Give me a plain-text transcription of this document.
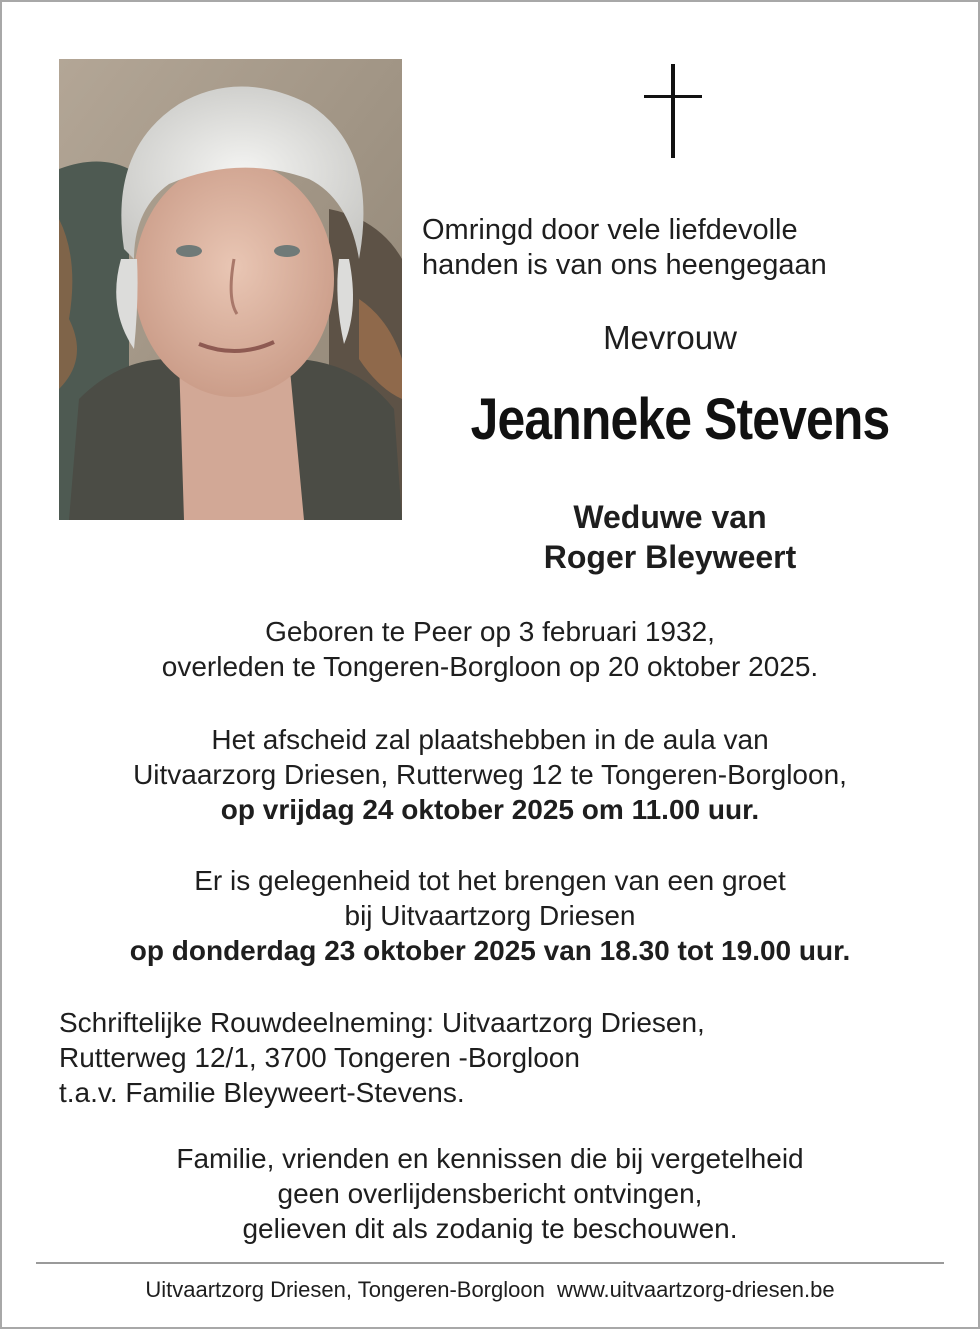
Omringd door vele liefdevolle
handen is van ons heengegaan
Mevrouw
Jeanneke Stevens
Weduwe van
Roger Bleyweert
Geboren te Peer op 3 februari 1932,
overleden te Tongeren-Borgloon op 20 oktober 2025.
Het afscheid zal plaatshebben in de aula van
Uitvaarzorg Driesen, Rutterweg 12 te Tongeren-Borgloon,
op vrijdag 24 oktober 2025 om 11.00 uur.
Er is gelegenheid tot het brengen van een groet
bij Uitvaartzorg Driesen
op donderdag 23 oktober 2025 van 18.30 tot 19.00 uur.
Schriftelijke Rouwdeelneming: Uitvaartzorg Driesen,
Rutterweg 12/1, 3700 Tongeren -Borgloon
t.a.v. Familie Bleyweert-Stevens.
Familie, vrienden en kennissen die bij vergetelheid
geen overlijdensbericht ontvingen,
gelieven dit als zodanig te beschouwen.
Uitvaartzorg Driesen, Tongeren-Borgloon  www.uitvaartzorg-driesen.be
